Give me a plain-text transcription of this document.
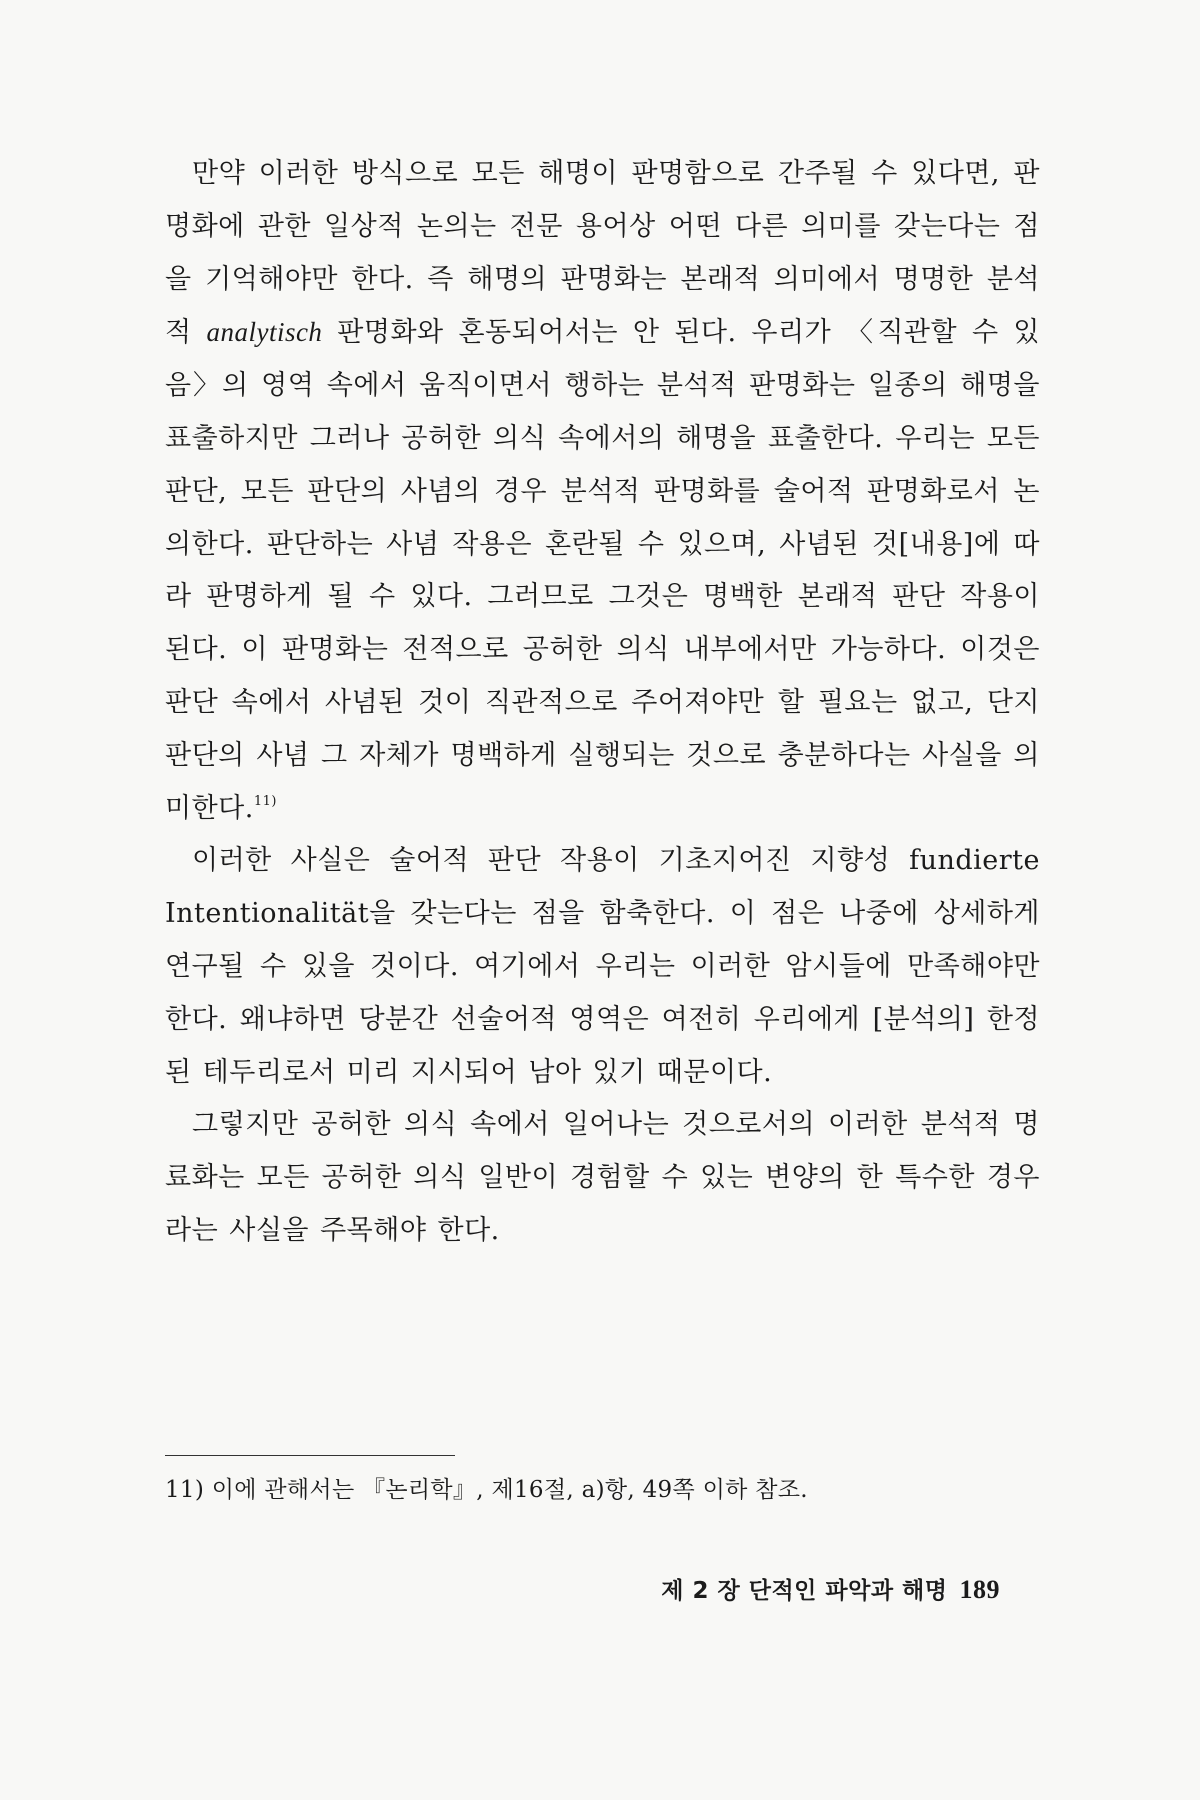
만약 이러한 방식으로 모든 해명이 판명함으로 간주될 수 있다면, 판명화에 관한 일상적 논의는 전문 용어상 어떤 다른 의미를 갖는다는 점을 기억해야만 한다. 즉 해명의 판명화는 본래적 의미에서 명명한 분석적 analytisch 판명화와 혼동되어서는 안 된다. 우리가 〈직관할 수 있음〉의 영역 속에서 움직이면서 행하는 분석적 판명화는 일종의 해명을 표출하지만 그러나 공허한 의식 속에서의 해명을 표출한다. 우리는 모든 판단, 모든 판단의 사념의 경우 분석적 판명화를 술어적 판명화로서 논의한다. 판단하는 사념 작용은 혼란될 수 있으며, 사념된 것[내용]에 따라 판명하게 될 수 있다. 그러므로 그것은 명백한 본래적 판단 작용이 된다. 이 판명화는 전적으로 공허한 의식 내부에서만 가능하다. 이것은 판단 속에서 사념된 것이 직관적으로 주어져야만 할 필요는 없고, 단지 판단의 사념 그 자체가 명백하게 실행되는 것으로 충분하다는 사실을 의미한다.$^{11)}$

이러한 사실은 술어적 판단 작용이 기초지어진 지향성 fundierte Intentionalität을 갖는다는 점을 함축한다. 이 점은 나중에 상세하게 연구될 수 있을 것이다. 여기에서 우리는 이러한 암시들에 만족해야만 한다. 왜냐하면 당분간 선술어적 영역은 여전히 우리에게 [분석의] 한정된 테두리로서 미리 지시되어 남아 있기 때문이다.

그렇지만 공허한 의식 속에서 일어나는 것으로서의 이러한 분석적 명료화는 모든 공허한 의식 일반이 경험할 수 있는 변양의 한 특수한 경우라는 사실을 주목해야 한다.

11) 이에 관해서는 『논리학』, 제16절, a)항, 49쪽 이하 참조.
제 2 장 단적인 파악과 해명 189
